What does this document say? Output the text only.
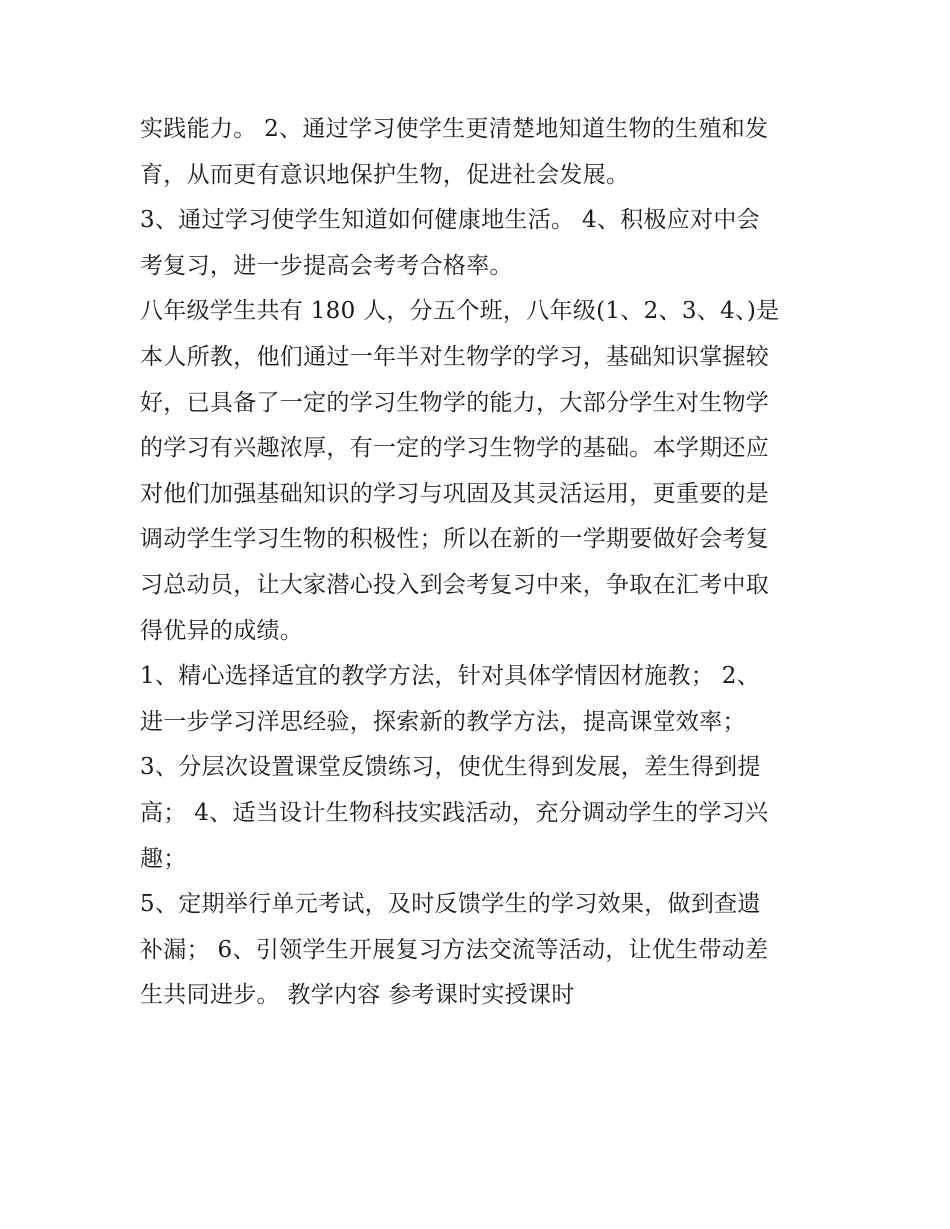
实践能力。 2、通过学习使学生更清楚地知道生物的生殖和发
育，从而更有意识地保护生物，促进社会发展。
3、通过学习使学生知道如何健康地生活。 4、积极应对中会
考复习，进一步提高会考考合格率。
八年级学生共有 180 人，分五个班，八年级(1、2、3、4、)是
本人所教，他们通过一年半对生物学的学习，基础知识掌握较
好，已具备了一定的学习生物学的能力，大部分学生对生物学
的学习有兴趣浓厚，有一定的学习生物学的基础。本学期还应
对他们加强基础知识的学习与巩固及其灵活运用，更重要的是
调动学生学习生物的积极性；所以在新的一学期要做好会考复
习总动员，让大家潜心投入到会考复习中来，争取在汇考中取
得优异的成绩。
1、精心选择适宜的教学方法，针对具体学情因材施教； 2、
进一步学习洋思经验，探索新的教学方法，提高课堂效率；
3、分层次设置课堂反馈练习，使优生得到发展，差生得到提
高； 4、适当设计生物科技实践活动，充分调动学生的学习兴
趣；
5、定期举行单元考试，及时反馈学生的学习效果，做到查遗
补漏； 6、引领学生开展复习方法交流等活动，让优生带动差
生共同进步。 教学内容 参考课时实授课时
